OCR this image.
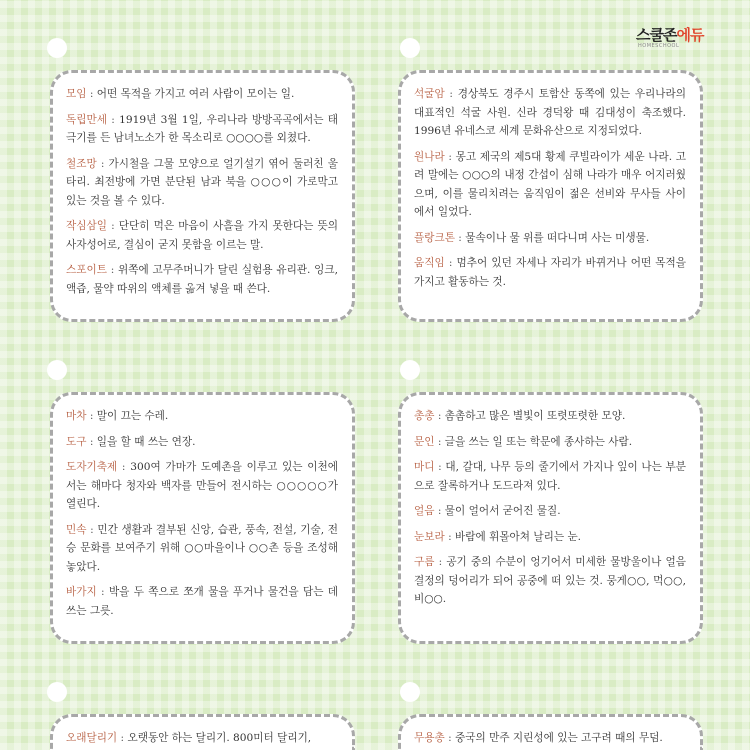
스쿨존에듀
HOMESCHOOL
모임 : 어떤 목적을 가지고 여러 사람이 모이는 일.
독립만세 : 1919년 3월 1일, 우리나라 방방곡곡에서는 태극기를 든 남녀노소가 한 목소리로 ○○○○를 외쳤다.
철조망 : 가시철을 그물 모양으로 얼기설기 엮어 둘러친 울타리. 최전방에 가면 분단된 남과 북을 ○○○이 가로막고 있는 것을 볼 수 있다.
작심삼일 : 단단히 먹은 마음이 사흘을 가지 못한다는 뜻의 사자성어로, 결심이 굳지 못함을 이르는 말.
스포이트 : 위쪽에 고무주머니가 달린 실험용 유리관. 잉크, 액즙, 물약 따위의 액체를 옮겨 넣을 때 쓴다.
석굴암 : 경상북도 경주시 토함산 동쪽에 있는 우리나라의 대표적인 석굴 사원. 신라 경덕왕 때 김대성이 축조했다. 1996년 유네스코 세계 문화유산으로 지정되었다.
원나라 : 몽고 제국의 제5대 황제 쿠빌라이가 세운 나라. 고려 말에는 ○○○의 내정 간섭이 심해 나라가 매우 어지러웠으며, 이를 물리치려는 움직임이 젊은 선비와 무사들 사이에서 일었다.
플랑크톤 : 물속이나 물 위를 떠다니며 사는 미생물.
움직임 : 멈추어 있던 자세나 자리가 바뀌거나 어떤 목적을 가지고 활동하는 것.
마차 : 말이 끄는 수레.
도구 : 일을 할 때 쓰는 연장.
도자기축제 : 300여 가마가 도예촌을 이루고 있는 이천에서는 해마다 청자와 백자를 만들어 전시하는 ○○○○○가 열린다.
민속 : 민간 생활과 결부된 신앙, 습관, 풍속, 전설, 기술, 전승 문화를 보여주기 위해 ○○마을이나 ○○촌 등을 조성해 놓았다.
바가지 : 박을 두 쪽으로 쪼개 물을 푸거나 물건을 담는 데 쓰는 그릇.
총총 : 촘촘하고 많은 별빛이 또렷또렷한 모양.
문인 : 글을 쓰는 일 또는 학문에 종사하는 사람.
마디 : 대, 갈대, 나무 등의 줄기에서 가지나 잎이 나는 부분으로 잘록하거나 도드라져 있다.
얼음 : 물이 얼어서 굳어진 물질.
눈보라 : 바람에 휘몰아쳐 날리는 눈.
구름 : 공기 중의 수분이 엉기어서 미세한 물방울이나 얼음 결정의 덩어리가 되어 공중에 떠 있는 것. 뭉게○○, 먹○○, 비○○.
오래달리기 : 오랫동안 하는 달리기. 800미터 달리기,	무용총 : 중국의 만주 지린성에 있는 고구려 때의 무덤.
